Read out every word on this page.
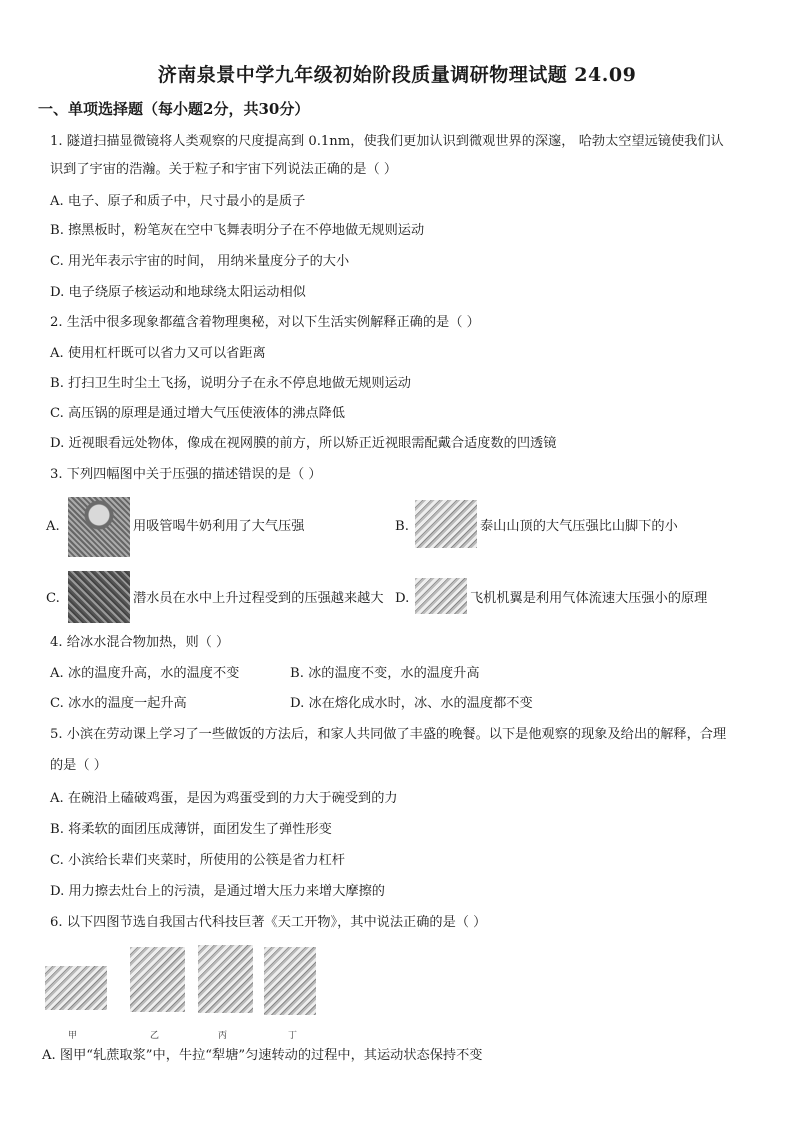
济南泉景中学九年级初始阶段质量调研物理试题 24.09
一、单项选择题（每小题2分，共30分）
1. 隧道扫描显微镜将人类观察的尺度提高到 0.1nm，使我们更加认识到微观世界的深邃， 哈勃太空望远镜使我们认
识到了宇宙的浩瀚。关于粒子和宇宙下列说法正确的是（ ）
A. 电子、原子和质子中，尺寸最小的是质子
B. 擦黑板时，粉笔灰在空中飞舞表明分子在不停地做无规则运动
C. 用光年表示宇宙的时间， 用纳米量度分子的大小
D. 电子绕原子核运动和地球绕太阳运动相似
2. 生活中很多现象都蕴含着物理奥秘，对以下生活实例解释正确的是（ ）
A. 使用杠杆既可以省力又可以省距离
B. 打扫卫生时尘土飞扬，说明分子在永不停息地做无规则运动
C. 高压锅的原理是通过增大气压使液体的沸点降低
D. 近视眼看远处物体，像成在视网膜的前方，所以矫正近视眼需配戴合适度数的凹透镜
3. 下列四幅图中关于压强的描述错误的是（ ）
A.	用吸管喝牛奶利用了大气压强	B.	泰山山顶的大气压强比山脚下的小
C.	潜水员在水中上升过程受到的压强越来越大 D.	飞机机翼是利用气体流速大压强小的原理
4. 给冰水混合物加热，则（ ）
A. 冰的温度升高，水的温度不变	B. 冰的温度不变，水的温度升高
C. 冰水的温度一起升高	D. 冰在熔化成水时，冰、水的温度都不变
5. 小滨在劳动课上学习了一些做饭的方法后，和家人共同做了丰盛的晚餐。以下是他观察的现象及给出的解释，合理
的是（ ）
A. 在碗沿上磕破鸡蛋，是因为鸡蛋受到的力大于碗受到的力
B. 将柔软的面团压成薄饼，面团发生了弹性形变
C. 小滨给长辈们夹菜时，所使用的公筷是省力杠杆
D. 用力擦去灶台上的污渍，是通过增大压力来增大摩擦的
6. 以下四图节选自我国古代科技巨著《天工开物》，其中说法正确的是（ ）
甲	乙	丙	丁
A. 图甲“轧蔗取浆”中，牛拉“犁塘”匀速转动的过程中，其运动状态保持不变
